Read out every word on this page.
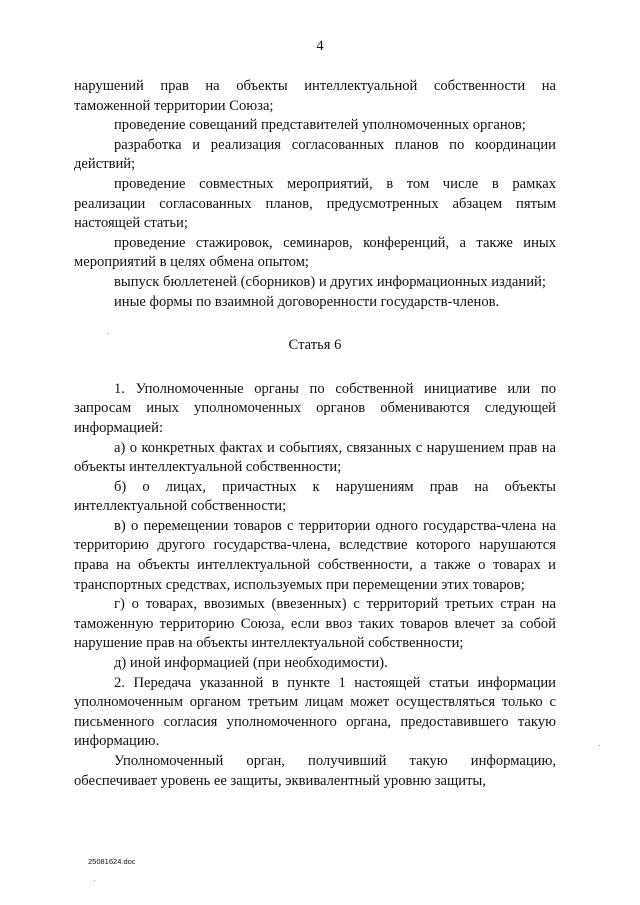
4

нарушений прав на объекты интеллектуальной собственности на таможенной территории Союза;

проведение совещаний представителей уполномоченных органов;

разработка и реализация согласованных планов по координации действий;

проведение совместных мероприятий, в том числе в рамках реализации согласованных планов, предусмотренных абзацем пятым настоящей статьи;

проведение стажировок, семинаров, конференций, а также иных мероприятий в целях обмена опытом;

выпуск бюллетеней (сборников) и других информационных изданий;

иные формы по взаимной договоренности государств-членов.

Статья 6

1. Уполномоченные органы по собственной инициативе или по запросам иных уполномоченных органов обмениваются следующей информацией:

а) о конкретных фактах и событиях, связанных с нарушением прав на объекты интеллектуальной собственности;

б) о лицах, причастных к нарушениям прав на объекты интеллектуальной собственности;

в) о перемещении товаров с территории одного государства-члена на территорию другого государства-члена, вследствие которого нарушаются права на объекты интеллектуальной собственности, а также о товарах и транспортных средствах, используемых при перемещении этих товаров;

г) о товарах, ввозимых (ввезенных) с территорий третьих стран на таможенную территорию Союза, если ввоз таких товаров влечет за собой нарушение прав на объекты интеллектуальной собственности;

д) иной информацией (при необходимости).

2. Передача указанной в пункте 1 настоящей статьи информации уполномоченным органом третьим лицам может осуществляться только с письменного согласия уполномоченного органа, предоставившего такую информацию.

Уполномоченный орган, получивший такую информацию, обеспечивает уровень ее защиты, эквивалентный уровню защиты,

25081624.doc
